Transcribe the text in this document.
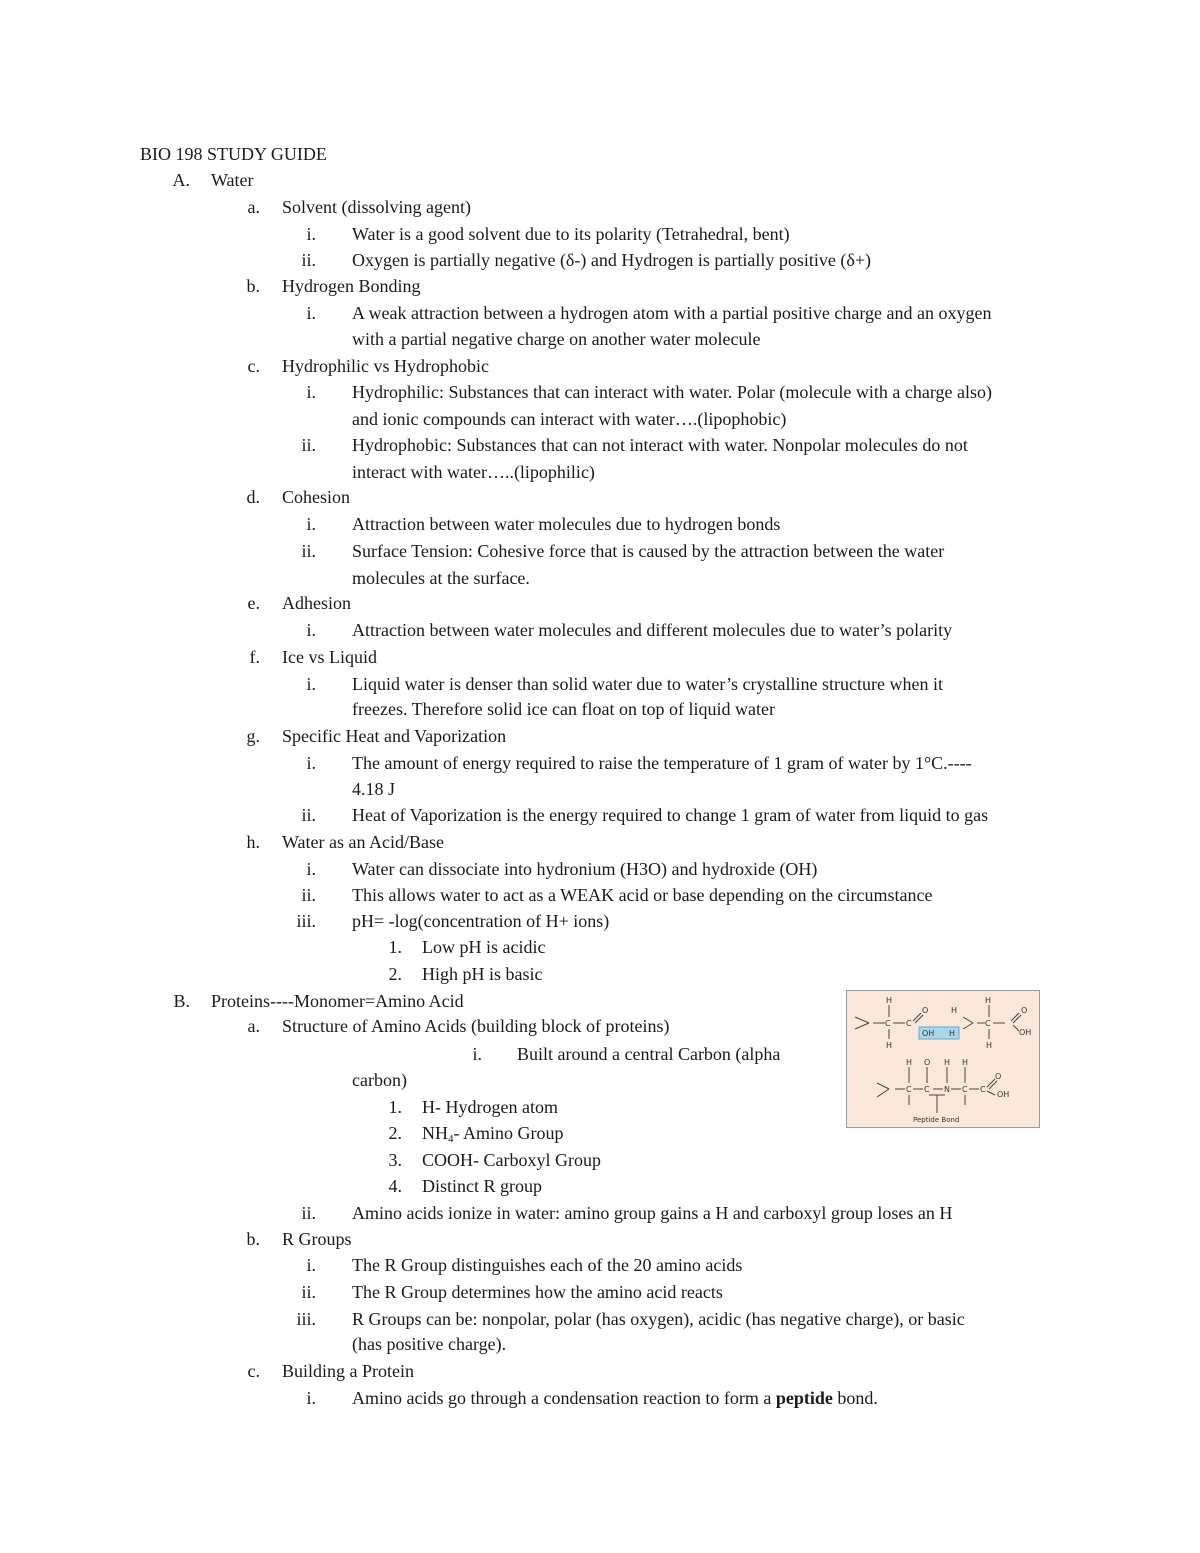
BIO 198 STUDY GUIDE
A. Water
a. Solvent (dissolving agent)
i. Water is a good solvent due to its polarity (Tetrahedral, bent)
ii. Oxygen is partially negative (δ-) and Hydrogen is partially positive (δ+)
b. Hydrogen Bonding
i. A weak attraction between a hydrogen atom with a partial positive charge and an oxygen
with a partial negative charge on another water molecule
c. Hydrophilic vs Hydrophobic
i. Hydrophilic: Substances that can interact with water. Polar (molecule with a charge also)
and ionic compounds can interact with water….(lipophobic)
ii. Hydrophobic: Substances that can not interact with water. Nonpolar molecules do not
interact with water…..(lipophilic)
d. Cohesion
i. Attraction between water molecules due to hydrogen bonds
ii. Surface Tension: Cohesive force that is caused by the attraction between the water
molecules at the surface.
e. Adhesion
i. Attraction between water molecules and different molecules due to water’s polarity
f. Ice vs Liquid
i. Liquid water is denser than solid water due to water’s crystalline structure when it
freezes. Therefore solid ice can float on top of liquid water
g. Specific Heat and Vaporization
i. The amount of energy required to raise the temperature of 1 gram of water by 1°C.----
4.18 J
ii. Heat of Vaporization is the energy required to change 1 gram of water from liquid to gas
h. Water as an Acid/Base
i. Water can dissociate into hydronium (H3O) and hydroxide (OH)
ii. This allows water to act as a WEAK acid or base depending on the circumstance
iii. pH= -log(concentration of H+ ions)
1. Low pH is acidic
2. High pH is basic
B. Proteins----Monomer=Amino Acid
a. Structure of Amino Acids (building block of proteins)
i. Built around a central Carbon (alpha
carbon)
1. H- Hydrogen atom
2. $NH_4-$ Amino Group
3. COOH- Carboxyl Group
4. Distinct R group
ii. Amino acids ionize in water: amino group gains a H and carboxyl group loses an H
b. R Groups
i. The R Group distinguishes each of the 20 amino acids
ii. The R Group determines how the amino acid reacts
iii. R Groups can be: nonpolar, polar (has oxygen), acidic (has negative charge), or basic
(has positive charge).
c. Building a Protein
i. Amino acids go through a condensation reaction to form a peptide bond.
H
C
H
C
O
OH H
H
H
C
H
O
OH
H O H H
C C N C C
O
OH
Peptide Bond
